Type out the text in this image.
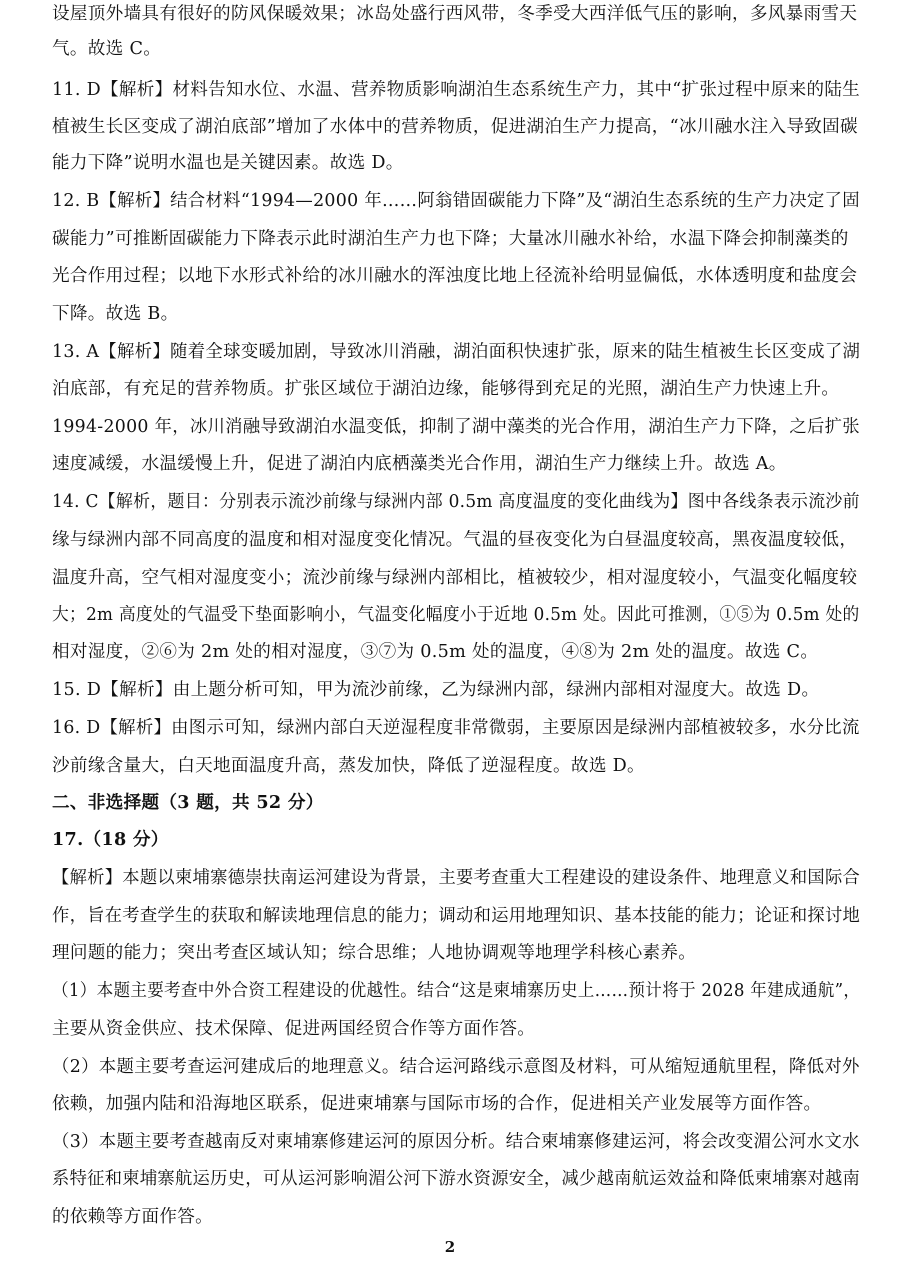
设屋顶外墙具有很好的防风保暖效果；冰岛处盛行西风带，冬季受大西洋低气压的影响，多风暴雨雪天
气。故选 C。
11. D【解析】材料告知水位、水温、营养物质影响湖泊生态系统生产力，其中“扩张过程中原来的陆生
植被生长区变成了湖泊底部”增加了水体中的营养物质，促进湖泊生产力提高，“冰川融水注入导致固碳
能力下降”说明水温也是关键因素。故选 D。
12. B【解析】结合材料“1994—2000 年……阿翁错固碳能力下降”及“湖泊生态系统的生产力决定了固
碳能力”可推断固碳能力下降表示此时湖泊生产力也下降；大量冰川融水补给，水温下降会抑制藻类的
光合作用过程；以地下水形式补给的冰川融水的浑浊度比地上径流补给明显偏低，水体透明度和盐度会
下降。故选 B。
13. A【解析】随着全球变暖加剧，导致冰川消融，湖泊面积快速扩张，原来的陆生植被生长区变成了湖
泊底部，有充足的营养物质。扩张区域位于湖泊边缘，能够得到充足的光照，湖泊生产力快速上升。
1994-2000 年，冰川消融导致湖泊水温变低，抑制了湖中藻类的光合作用，湖泊生产力下降，之后扩张
速度减缓，水温缓慢上升，促进了湖泊内底栖藻类光合作用，湖泊生产力继续上升。故选 A。
14. C【解析，题目：分别表示流沙前缘与绿洲内部 0.5m 高度温度的变化曲线为】图中各线条表示流沙前
缘与绿洲内部不同高度的温度和相对湿度变化情况。气温的昼夜变化为白昼温度较高，黑夜温度较低，
温度升高，空气相对湿度变小；流沙前缘与绿洲内部相比，植被较少，相对湿度较小，气温变化幅度较
大；2m 高度处的气温受下垫面影响小，气温变化幅度小于近地 0.5m 处。因此可推测，①⑤为 0.5m 处的
相对湿度，②⑥为 2m 处的相对湿度，③⑦为 0.5m 处的温度，④⑧为 2m 处的温度。故选 C。
15. D【解析】由上题分析可知，甲为流沙前缘，乙为绿洲内部，绿洲内部相对湿度大。故选 D。
16. D【解析】由图示可知，绿洲内部白天逆湿程度非常微弱，主要原因是绿洲内部植被较多，水分比流
沙前缘含量大，白天地面温度升高，蒸发加快，降低了逆湿程度。故选 D。
二、非选择题（3 题，共 52 分）
17.（18 分）
【解析】本题以柬埔寨德崇扶南运河建设为背景，主要考查重大工程建设的建设条件、地理意义和国际合
作，旨在考查学生的获取和解读地理信息的能力；调动和运用地理知识、基本技能的能力；论证和探讨地
理问题的能力；突出考查区域认知；综合思维；人地协调观等地理学科核心素养。
（1）本题主要考查中外合资工程建设的优越性。结合“这是柬埔寨历史上……预计将于 2028 年建成通航”，
主要从资金供应、技术保障、促进两国经贸合作等方面作答。
（2）本题主要考查运河建成后的地理意义。结合运河路线示意图及材料，可从缩短通航里程，降低对外
依赖，加强内陆和沿海地区联系，促进柬埔寨与国际市场的合作，促进相关产业发展等方面作答。
（3）本题主要考查越南反对柬埔寨修建运河的原因分析。结合柬埔寨修建运河，将会改变湄公河水文水
系特征和柬埔寨航运历史，可从运河影响湄公河下游水资源安全，减少越南航运效益和降低柬埔寨对越南
的依赖等方面作答。
2
